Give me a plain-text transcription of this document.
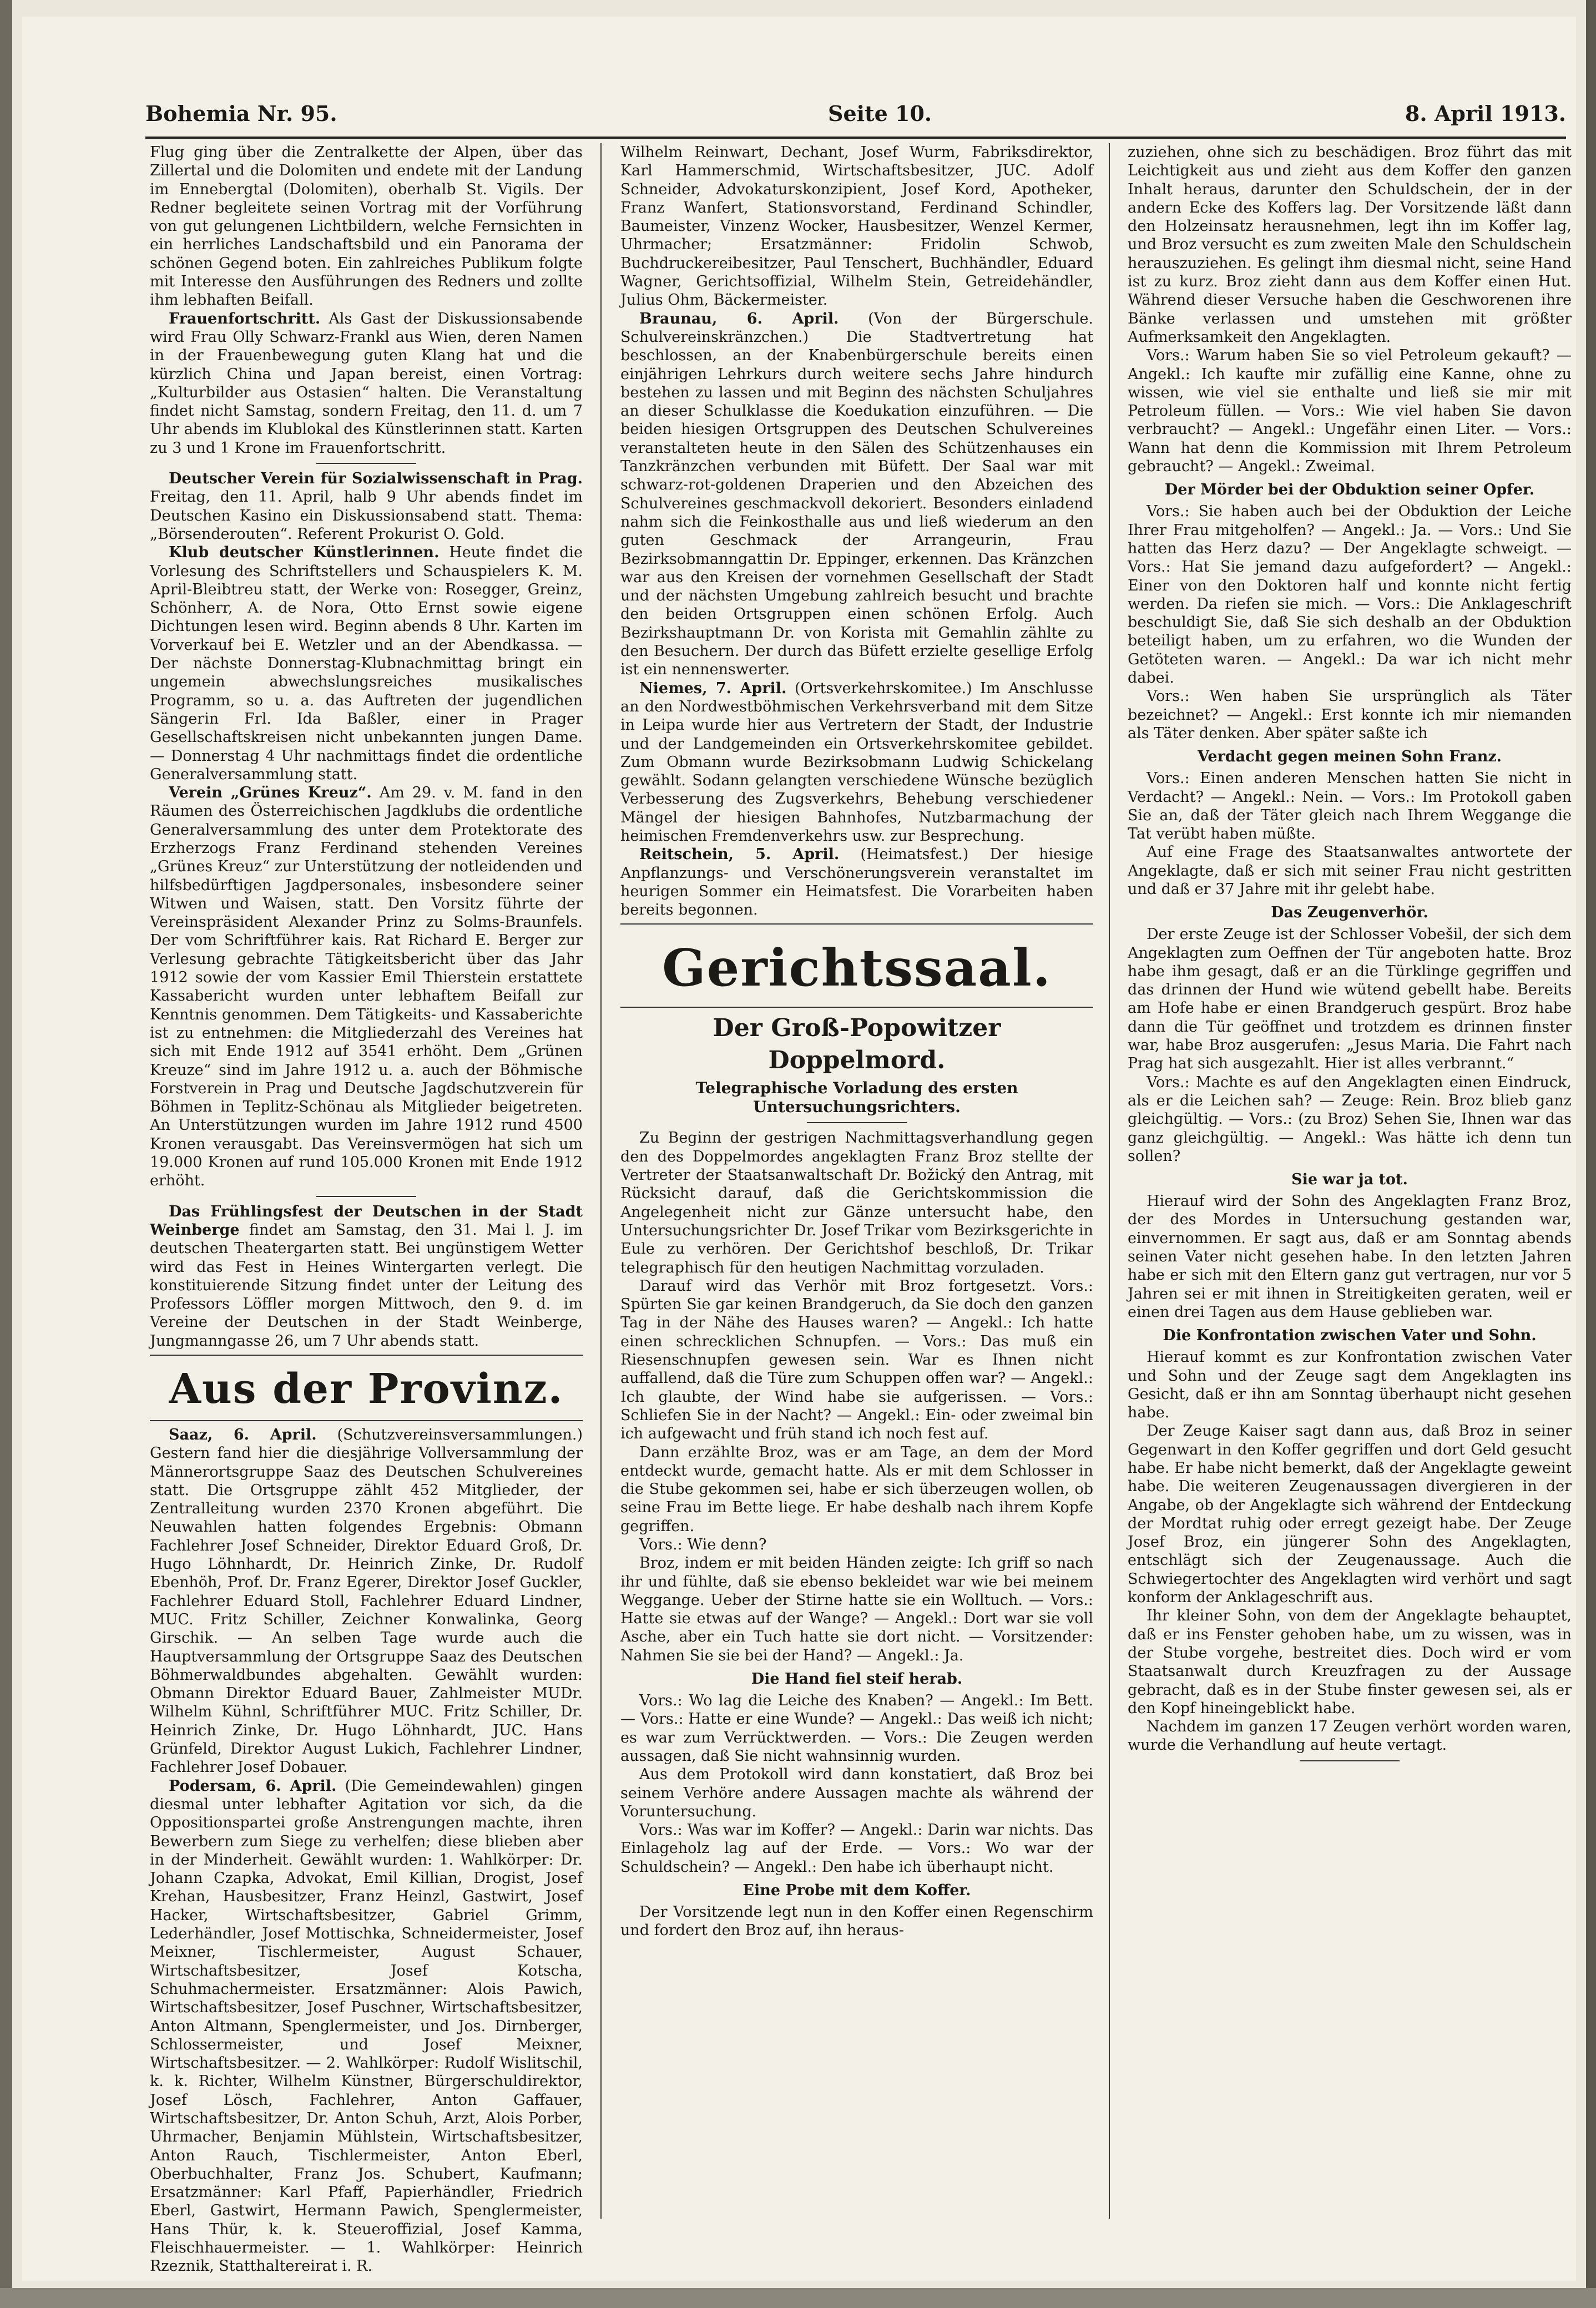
Bohemia Nr. 95.	Seite 10.	8. April 1913.

Flug ging über die Zentralkette der Alpen, über das Zillertal und die Dolomiten und endete mit der Landung im Ennebergtal (Dolomiten), oberhalb St. Vigils. Der Redner begleitete seinen Vortrag mit der Vorführung von gut gelungenen Lichtbildern, welche Fernsichten in ein herrliches Landschaftsbild und ein Panorama der schönen Gegend boten. Ein zahlreiches Publikum folgte mit Interesse den Ausführungen des Redners und zollte ihm lebhaften Beifall.

Frauenfortschritt. Als Gast der Diskussionsabende wird Frau Olly Schwarz-Frankl aus Wien, deren Namen in der Frauenbewegung guten Klang hat und die kürzlich China und Japan bereist, einen Vortrag: „Kulturbilder aus Ostasien“ halten. Die Veranstaltung findet nicht Samstag, sondern Freitag, den 11. d. um 7 Uhr abends im Klublokal des Künstlerinnen statt. Karten zu 3 und 1 Krone im Frauenfortschritt.

Deutscher Verein für Sozialwissenschaft in Prag. Freitag, den 11. April, halb 9 Uhr abends findet im Deutschen Kasino ein Diskussionsabend statt. Thema: „Börsenderouten“. Referent Prokurist O. Gold.

Klub deutscher Künstlerinnen. Heute findet die Vorlesung des Schriftstellers und Schauspielers K. M. April-Bleibtreu statt, der Werke von: Rosegger, Greinz, Schönherr, A. de Nora, Otto Ernst sowie eigene Dichtungen lesen wird. Beginn abends 8 Uhr. Karten im Vorverkauf bei E. Wetzler und an der Abendkassa. — Der nächste Donnerstag-Klubnachmittag bringt ein ungemein abwechslungsreiches musikalisches Programm, so u. a. das Auftreten der jugendlichen Sängerin Frl. Ida Baßler, einer in Prager Gesellschaftskreisen nicht unbekannten jungen Dame. — Donnerstag 4 Uhr nachmittags findet die ordentliche Generalversammlung statt.

Verein „Grünes Kreuz“. Am 29. v. M. fand in den Räumen des Österreichischen Jagdklubs die ordentliche Generalversammlung des unter dem Protektorate des Erzherzogs Franz Ferdinand stehenden Vereines „Grünes Kreuz“ zur Unterstützung der notleidenden und hilfsbedürftigen Jagdpersonales, insbesondere seiner Witwen und Waisen, statt. Den Vorsitz führte der Vereinspräsident Alexander Prinz zu Solms-Braunfels. Der vom Schriftführer kais. Rat Richard E. Berger zur Verlesung gebrachte Tätigkeitsbericht über das Jahr 1912 sowie der vom Kassier Emil Thierstein erstattete Kassabericht wurden unter lebhaftem Beifall zur Kenntnis genommen. Dem Tätigkeits- und Kassaberichte ist zu entnehmen: die Mitgliederzahl des Vereines hat sich mit Ende 1912 auf 3541 erhöht. Dem „Grünen Kreuze“ sind im Jahre 1912 u. a. auch der Böhmische Forstverein in Prag und Deutsche Jagdschutzverein für Böhmen in Teplitz-Schönau als Mitglieder beigetreten. An Unterstützungen wurden im Jahre 1912 rund 4500 Kronen verausgabt. Das Vereinsvermögen hat sich um 19.000 Kronen auf rund 105.000 Kronen mit Ende 1912 erhöht.

Das Frühlingsfest der Deutschen in der Stadt Weinberge findet am Samstag, den 31. Mai l. J. im deutschen Theatergarten statt. Bei ungünstigem Wetter wird das Fest in Heines Wintergarten verlegt. Die konstituierende Sitzung findet unter der Leitung des Professors Löffler morgen Mittwoch, den 9. d. im Vereine der Deutschen in der Stadt Weinberge, Jungmanngasse 26, um 7 Uhr abends statt.

Aus der Provinz.

Saaz, 6. April. (Schutzvereinsversammlungen.) Gestern fand hier die diesjährige Vollversammlung der Männerortsgruppe Saaz des Deutschen Schulvereines statt. Die Ortsgruppe zählt 452 Mitglieder, der Zentralleitung wurden 2370 Kronen abgeführt. Die Neuwahlen hatten folgendes Ergebnis: Obmann Fachlehrer Josef Schneider, Direktor Eduard Groß, Dr. Hugo Löhnhardt, Dr. Heinrich Zinke, Dr. Rudolf Ebenhöh, Prof. Dr. Franz Egerer, Direktor Josef Guckler, Fachlehrer Eduard Stoll, Fachlehrer Eduard Lindner, MUC. Fritz Schiller, Zeichner Konwalinka, Georg Girschik. — An selben Tage wurde auch die Hauptversammlung der Ortsgruppe Saaz des Deutschen Böhmerwaldbundes abgehalten. Gewählt wurden: Obmann Direktor Eduard Bauer, Zahlmeister MUDr. Wilhelm Kühnl, Schriftführer MUC. Fritz Schiller, Dr. Heinrich Zinke, Dr. Hugo Löhnhardt, JUC. Hans Grünfeld, Direktor August Lukich, Fachlehrer Lindner, Fachlehrer Josef Dobauer.

Podersam, 6. April. (Die Gemeindewahlen) gingen diesmal unter lebhafter Agitation vor sich, da die Oppositionspartei große Anstrengungen machte, ihren Bewerbern zum Siege zu verhelfen; diese blieben aber in der Minderheit. Gewählt wurden: 1. Wahlkörper: Dr. Johann Czapka, Advokat, Emil Killian, Drogist, Josef Krehan, Hausbesitzer, Franz Heinzl, Gastwirt, Josef Hacker, Wirtschaftsbesitzer, Gabriel Grimm, Lederhändler, Josef Mottischka, Schneidermeister, Josef Meixner, Tischlermeister, August Schauer, Wirtschaftsbesitzer, Josef Kotscha, Schuhmachermeister. Ersatzmänner: Alois Pawich, Wirtschaftsbesitzer, Josef Puschner, Wirtschaftsbesitzer, Anton Altmann, Spenglermeister, und Jos. Dirnberger, Schlossermeister, und Josef Meixner, Wirtschaftsbesitzer. — 2. Wahlkörper: Rudolf Wislitschil, k. k. Richter, Wilhelm Künstner, Bürgerschuldirektor, Josef Lösch, Fachlehrer, Anton Gaffauer, Wirtschaftsbesitzer, Dr. Anton Schuh, Arzt, Alois Porber, Uhrmacher, Benjamin Mühlstein, Wirtschaftsbesitzer, Anton Rauch, Tischlermeister, Anton Eberl, Oberbuchhalter, Franz Jos. Schubert, Kaufmann; Ersatzmänner: Karl Pfaff, Papierhändler, Friedrich Eberl, Gastwirt, Hermann Pawich, Spenglermeister, Hans Thür, k. k. Steueroffizial, Josef Kamma, Fleischhauermeister. — 1. Wahlkörper: Heinrich Rzeznik, Statthaltereirat i. R.

Wilhelm Reinwart, Dechant, Josef Wurm, Fabriksdirektor, Karl Hammerschmid, Wirtschaftsbesitzer, JUC. Adolf Schneider, Advokaturskonzipient, Josef Kord, Apotheker, Franz Wanfert, Stationsvorstand, Ferdinand Schindler, Baumeister, Vinzenz Wocker, Hausbesitzer, Wenzel Kermer, Uhrmacher; Ersatzmänner: Fridolin Schwob, Buchdruckereibesitzer, Paul Tenschert, Buchhändler, Eduard Wagner, Gerichtsoffizial, Wilhelm Stein, Getreidehändler, Julius Ohm, Bäckermeister.

Braunau, 6. April. (Von der Bürgerschule. Schulvereinskränzchen.) Die Stadtvertretung hat beschlossen, an der Knabenbürgerschule bereits einen einjährigen Lehrkurs durch weitere sechs Jahre hindurch bestehen zu lassen und mit Beginn des nächsten Schuljahres an dieser Schulklasse die Koedukation einzuführen. — Die beiden hiesigen Ortsgruppen des Deutschen Schulvereines veranstalteten heute in den Sälen des Schützenhauses ein Tanzkränzchen verbunden mit Büfett. Der Saal war mit schwarz-rot-goldenen Draperien und den Abzeichen des Schulvereines geschmackvoll dekoriert. Besonders einladend nahm sich die Feinkosthalle aus und ließ wiederum an den guten Geschmack der Arrangeurin, Frau Bezirksobmanngattin Dr. Eppinger, erkennen. Das Kränzchen war aus den Kreisen der vornehmen Gesellschaft der Stadt und der nächsten Umgebung zahlreich besucht und brachte den beiden Ortsgruppen einen schönen Erfolg. Auch Bezirkshauptmann Dr. von Korista mit Gemahlin zählte zu den Besuchern. Der durch das Büfett erzielte gesellige Erfolg ist ein nennenswerter.

Niemes, 7. April. (Ortsverkehrskomitee.) Im Anschlusse an den Nordwestböhmischen Verkehrsverband mit dem Sitze in Leipa wurde hier aus Vertretern der Stadt, der Industrie und der Landgemeinden ein Ortsverkehrskomitee gebildet. Zum Obmann wurde Bezirksobmann Ludwig Schickelang gewählt. Sodann gelangten verschiedene Wünsche bezüglich Verbesserung des Zugsverkehrs, Behebung verschiedener Mängel der hiesigen Bahnhofes, Nutzbarmachung der heimischen Fremdenverkehrs usw. zur Besprechung.

Reitschein, 5. April. (Heimatsfest.) Der hiesige Anpflanzungs- und Verschönerungsverein veranstaltet im heurigen Sommer ein Heimatsfest. Die Vorarbeiten haben bereits begonnen.

Gerichtssaal.
Der Groß-Popowitzer Doppelmord.
Telegraphische Vorladung des ersten Untersuchungsrichters.

Zu Beginn der gestrigen Nachmittagsverhandlung gegen den des Doppelmordes angeklagten Franz Broz stellte der Vertreter der Staatsanwaltschaft Dr. Božický den Antrag, mit Rücksicht darauf, daß die Gerichtskommission die Angelegenheit nicht zur Gänze untersucht habe, den Untersuchungsrichter Dr. Josef Trikar vom Bezirksgerichte in Eule zu verhören. Der Gerichtshof beschloß, Dr. Trikar telegraphisch für den heutigen Nachmittag vorzuladen.

Darauf wird das Verhör mit Broz fortgesetzt. Vors.: Spürten Sie gar keinen Brandgeruch, da Sie doch den ganzen Tag in der Nähe des Hauses waren? — Angekl.: Ich hatte einen schrecklichen Schnupfen. — Vors.: Das muß ein Riesenschnupfen gewesen sein. War es Ihnen nicht auffallend, daß die Türe zum Schuppen offen war? — Angekl.: Ich glaubte, der Wind habe sie aufgerissen. — Vors.: Schliefen Sie in der Nacht? — Angekl.: Ein- oder zweimal bin ich aufgewacht und früh stand ich noch fest auf.

Dann erzählte Broz, was er am Tage, an dem der Mord entdeckt wurde, gemacht hatte. Als er mit dem Schlosser in die Stube gekommen sei, habe er sich überzeugen wollen, ob seine Frau im Bette liege. Er habe deshalb nach ihrem Kopfe gegriffen.

Vors.: Wie denn?

Broz, indem er mit beiden Händen zeigte: Ich griff so nach ihr und fühlte, daß sie ebenso bekleidet war wie bei meinem Weggange. Ueber der Stirne hatte sie ein Wolltuch. — Vors.: Hatte sie etwas auf der Wange? — Angekl.: Dort war sie voll Asche, aber ein Tuch hatte sie dort nicht. — Vorsitzender: Nahmen Sie sie bei der Hand? — Angekl.: Ja.

Die Hand fiel steif herab.

Vors.: Wo lag die Leiche des Knaben? — Angekl.: Im Bett. — Vors.: Hatte er eine Wunde? — Angekl.: Das weiß ich nicht; es war zum Verrücktwerden. — Vors.: Die Zeugen werden aussagen, daß Sie nicht wahnsinnig wurden.

Aus dem Protokoll wird dann konstatiert, daß Broz bei seinem Verhöre andere Aussagen machte als während der Voruntersuchung.

Vors.: Was war im Koffer? — Angekl.: Darin war nichts. Das Einlageholz lag auf der Erde. — Vors.: Wo war der Schuldschein? — Angekl.: Den habe ich überhaupt nicht.

Eine Probe mit dem Koffer.

Der Vorsitzende legt nun in den Koffer einen Regenschirm und fordert den Broz auf, ihn heraus-

zuziehen, ohne sich zu beschädigen. Broz führt das mit Leichtigkeit aus und zieht aus dem Koffer den ganzen Inhalt heraus, darunter den Schuldschein, der in der andern Ecke des Koffers lag. Der Vorsitzende läßt dann den Holzeinsatz herausnehmen, legt ihn im Koffer lag, und Broz versucht es zum zweiten Male den Schuldschein herauszuziehen. Es gelingt ihm diesmal nicht, seine Hand ist zu kurz. Broz zieht dann aus dem Koffer einen Hut. Während dieser Versuche haben die Geschworenen ihre Bänke verlassen und umstehen mit größter Aufmerksamkeit den Angeklagten.

Vors.: Warum haben Sie so viel Petroleum gekauft? — Angekl.: Ich kaufte mir zufällig eine Kanne, ohne zu wissen, wie viel sie enthalte und ließ sie mir mit Petroleum füllen. — Vors.: Wie viel haben Sie davon verbraucht? — Angekl.: Ungefähr einen Liter. — Vors.: Wann hat denn die Kommission mit Ihrem Petroleum gebraucht? — Angekl.: Zweimal.

Der Mörder bei der Obduktion seiner Opfer.

Vors.: Sie haben auch bei der Obduktion der Leiche Ihrer Frau mitgeholfen? — Angekl.: Ja. — Vors.: Und Sie hatten das Herz dazu? — Der Angeklagte schweigt. — Vors.: Hat Sie jemand dazu aufgefordert? — Angekl.: Einer von den Doktoren half und konnte nicht fertig werden. Da riefen sie mich. — Vors.: Die Anklageschrift beschuldigt Sie, daß Sie sich deshalb an der Obduktion beteiligt haben, um zu erfahren, wo die Wunden der Getöteten waren. — Angekl.: Da war ich nicht mehr dabei.

Vors.: Wen haben Sie ursprünglich als Täter bezeichnet? — Angekl.: Erst konnte ich mir niemanden als Täter denken. Aber später saßte ich

Verdacht gegen meinen Sohn Franz.

Vors.: Einen anderen Menschen hatten Sie nicht in Verdacht? — Angekl.: Nein. — Vors.: Im Protokoll gaben Sie an, daß der Täter gleich nach Ihrem Weggange die Tat verübt haben müßte.

Auf eine Frage des Staatsanwaltes antwortete der Angeklagte, daß er sich mit seiner Frau nicht gestritten und daß er 37 Jahre mit ihr gelebt habe.

Das Zeugenverhör.

Der erste Zeuge ist der Schlosser Vobešil, der sich dem Angeklagten zum Oeffnen der Tür angeboten hatte. Broz habe ihm gesagt, daß er an die Türklinge gegriffen und das drinnen der Hund wie wütend gebellt habe. Bereits am Hofe habe er einen Brandgeruch gespürt. Broz habe dann die Tür geöffnet und trotzdem es drinnen finster war, habe Broz ausgerufen: „Jesus Maria. Die Fahrt nach Prag hat sich ausgezahlt. Hier ist alles verbrannt.“

Vors.: Machte es auf den Angeklagten einen Eindruck, als er die Leichen sah? — Zeuge: Rein. Broz blieb ganz gleichgültig. — Vors.: (zu Broz) Sehen Sie, Ihnen war das ganz gleichgültig. — Angekl.: Was hätte ich denn tun sollen?

Sie war ja tot.

Hierauf wird der Sohn des Angeklagten Franz Broz, der des Mordes in Untersuchung gestanden war, einvernommen. Er sagt aus, daß er am Sonntag abends seinen Vater nicht gesehen habe. In den letzten Jahren habe er sich mit den Eltern ganz gut vertragen, nur vor 5 Jahren sei er mit ihnen in Streitigkeiten geraten, weil er einen drei Tagen aus dem Hause geblieben war.

Die Konfrontation zwischen Vater und Sohn.

Hierauf kommt es zur Konfrontation zwischen Vater und Sohn und der Zeuge sagt dem Angeklagten ins Gesicht, daß er ihn am Sonntag überhaupt nicht gesehen habe.

Der Zeuge Kaiser sagt dann aus, daß Broz in seiner Gegenwart in den Koffer gegriffen und dort Geld gesucht habe. Er habe nicht bemerkt, daß der Angeklagte geweint habe. Die weiteren Zeugenaussagen divergieren in der Angabe, ob der Angeklagte sich während der Entdeckung der Mordtat ruhig oder erregt gezeigt habe. Der Zeuge Josef Broz, ein jüngerer Sohn des Angeklagten, entschlägt sich der Zeugenaussage. Auch die Schwiegertochter des Angeklagten wird verhört und sagt konform der Anklageschrift aus.

Ihr kleiner Sohn, von dem der Angeklagte behauptet, daß er ins Fenster gehoben habe, um zu wissen, was in der Stube vorgehe, bestreitet dies. Doch wird er vom Staatsanwalt durch Kreuzfragen zu der Aussage gebracht, daß es in der Stube finster gewesen sei, als er den Kopf hineingeblickt habe.

Nachdem im ganzen 17 Zeugen verhört worden waren, wurde die Verhandlung auf heute vertagt.
